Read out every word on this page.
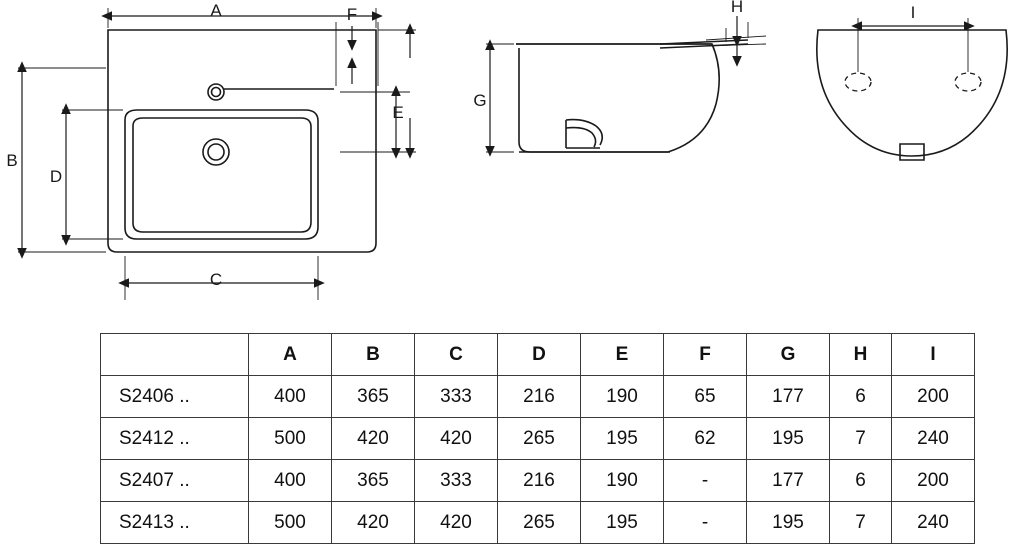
A
B
C
D
E
F
G
H	I
	A	B	C	D	E	F	G	H	I
S2406 ..	400	365	333	216	190	65	177	6	200
S2412 ..	500	420	420	265	195	62	195	7	240
S2407 ..	400	365	333	216	190	-	177	6	200
S2413 ..	500	420	420	265	195	-	195	7	240
